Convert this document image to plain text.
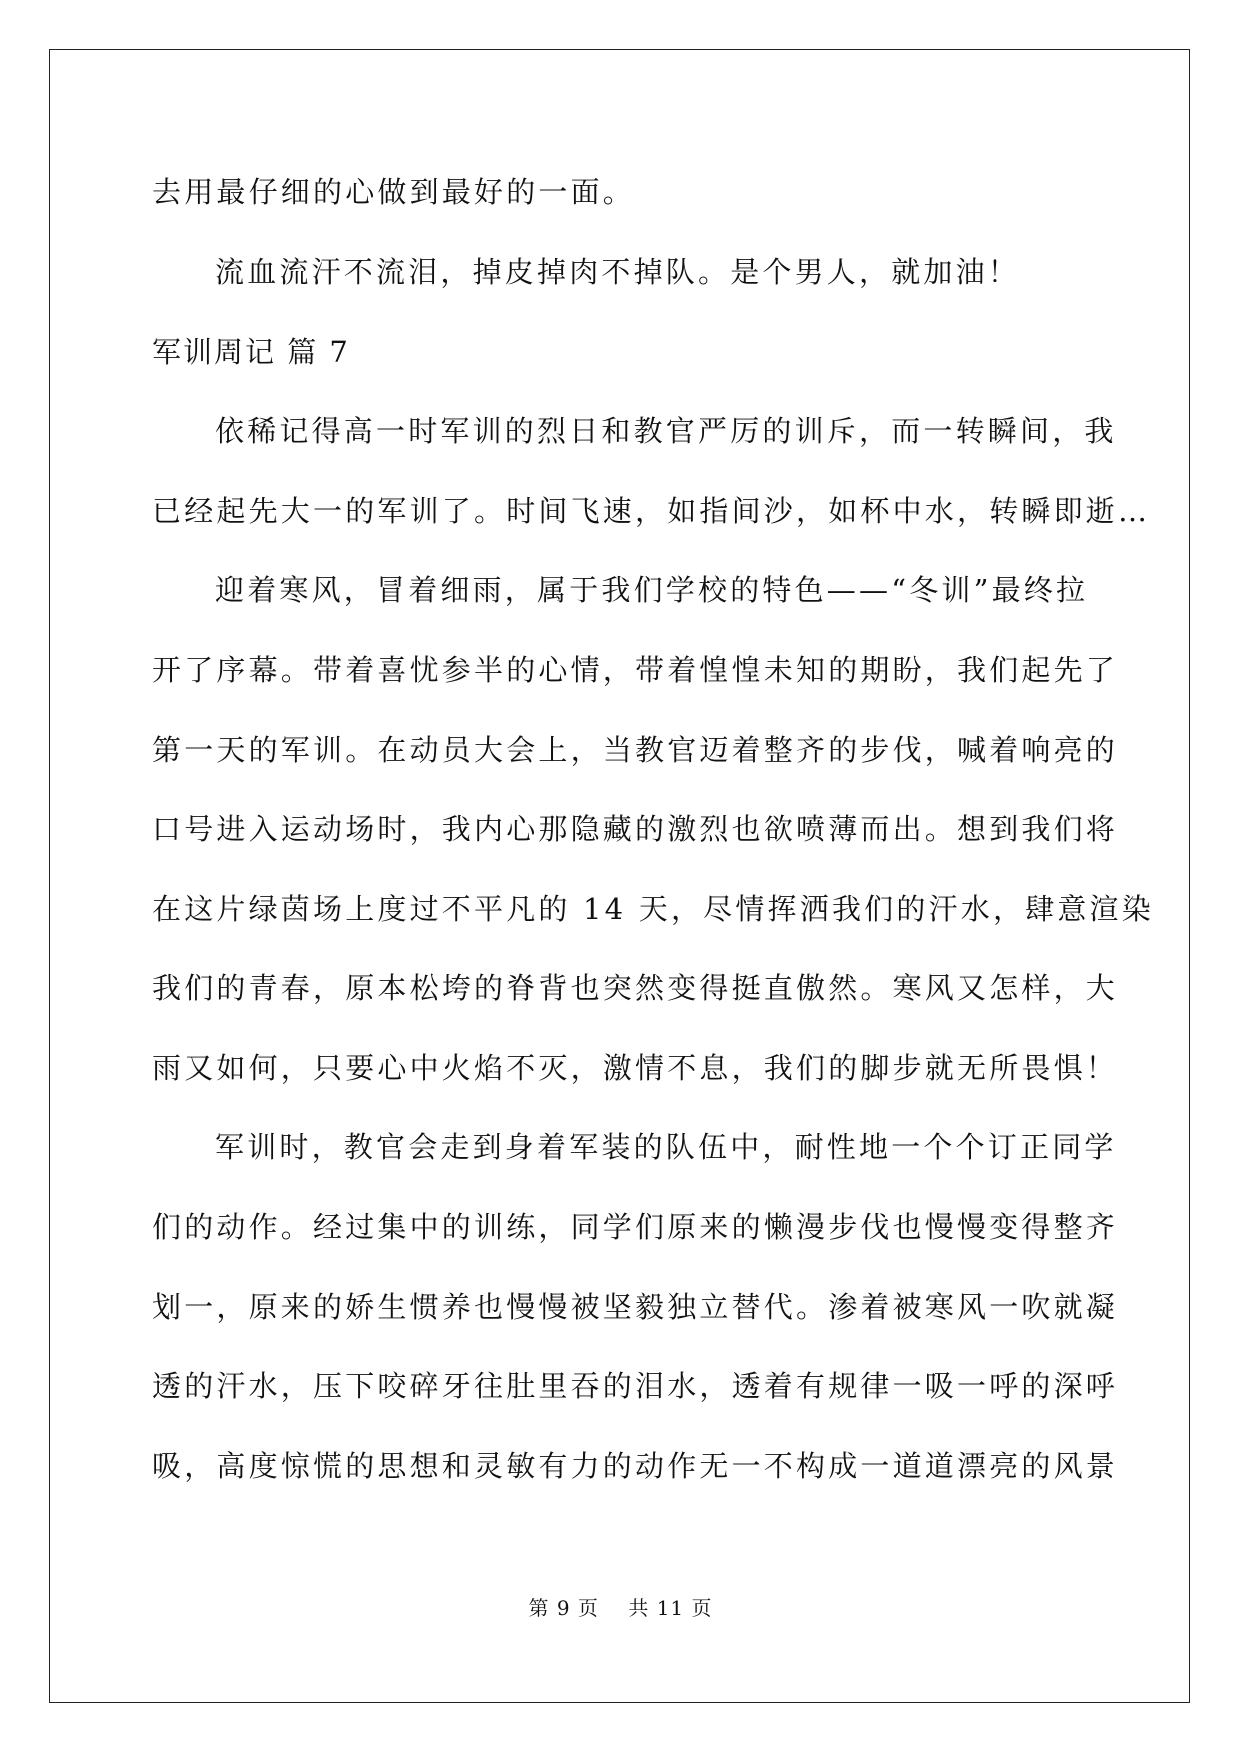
去用最仔细的心做到最好的一面。
流血流汗不流泪，掉皮掉肉不掉队。是个男人，就加油！
军训周记 篇 7
依稀记得高一时军训的烈日和教官严厉的训斥，而一转瞬间，我
已经起先大一的军训了。时间飞速，如指间沙，如杯中水，转瞬即逝…
迎着寒风，冒着细雨，属于我们学校的特色——“冬训”最终拉
开了序幕。带着喜忧参半的心情，带着惶惶未知的期盼，我们起先了
第一天的军训。在动员大会上，当教官迈着整齐的步伐，喊着响亮的
口号进入运动场时，我内心那隐藏的激烈也欲喷薄而出。想到我们将
在这片绿茵场上度过不平凡的 14 天，尽情挥洒我们的汗水，肆意渲染
我们的青春，原本松垮的脊背也突然变得挺直傲然。寒风又怎样，大
雨又如何，只要心中火焰不灭，激情不息，我们的脚步就无所畏惧！
军训时，教官会走到身着军装的队伍中，耐性地一个个订正同学
们的动作。经过集中的训练，同学们原来的懒漫步伐也慢慢变得整齐
划一，原来的娇生惯养也慢慢被坚毅独立替代。渗着被寒风一吹就凝
透的汗水，压下咬碎牙往肚里吞的泪水，透着有规律一吸一呼的深呼
吸，高度惊慌的思想和灵敏有力的动作无一不构成一道道漂亮的风景
第 9 页    共 11 页
